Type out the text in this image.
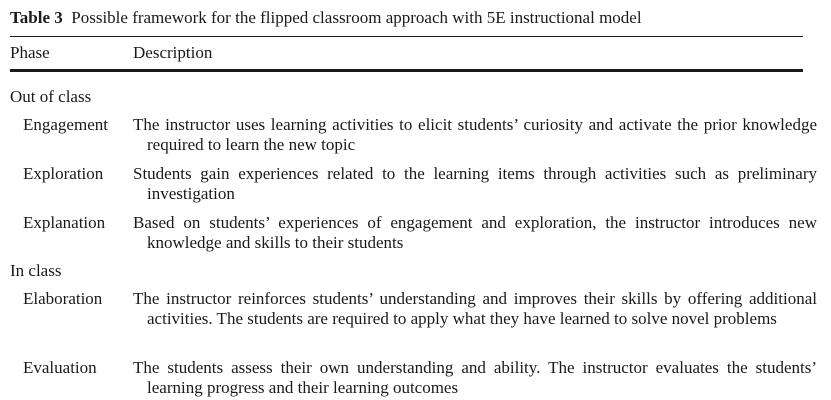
Table 3 Possible framework for the flipped classroom approach with 5E instructional model
Phase	Description
Out of class
Engagement The instructor uses learning activities to elicit students’ curiosity and activate the prior knowledge required to learn the new topic
Exploration Students gain experiences related to the learning items through activities such as preliminary investigation
Explanation Based on students’ experiences of engagement and exploration, the instructor introduces new knowledge and skills to their students
In class
Elaboration The instructor reinforces students’ understanding and improves their skills by offering additional activities. The students are required to apply what they have learned to solve novel problems
Evaluation The students assess their own understanding and ability. The instructor evaluates the students’ learning progress and their learning outcomes
